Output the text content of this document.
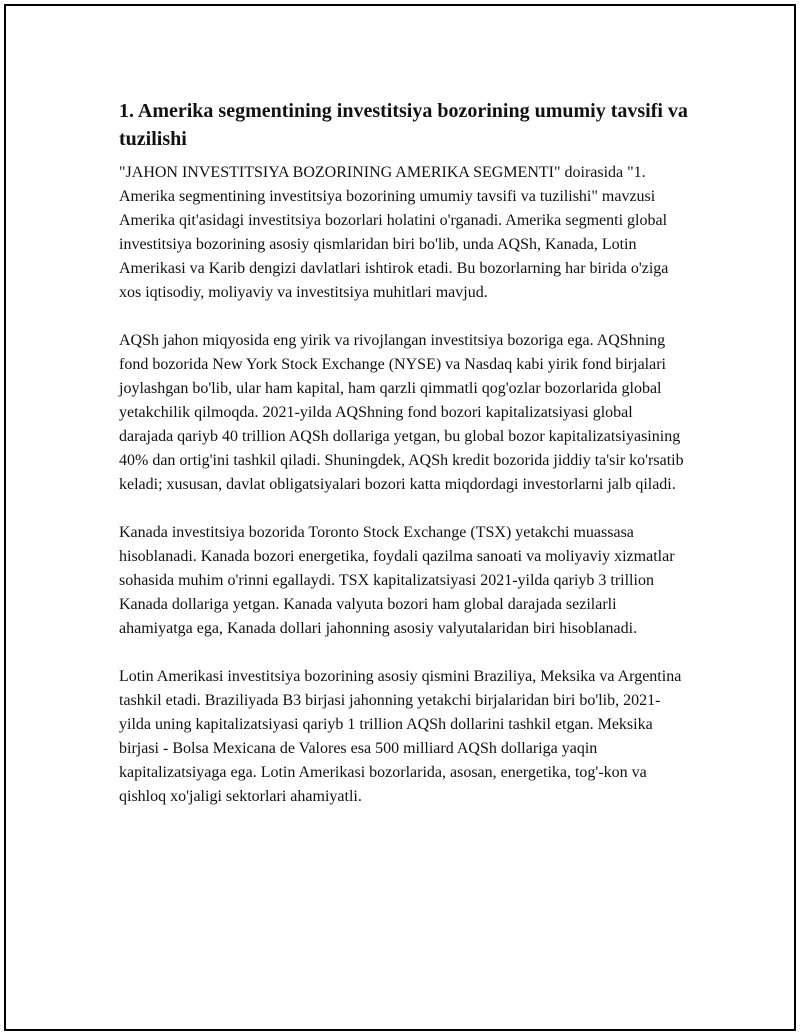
1. Amerika segmentining investitsiya bozorining umumiy tavsifi va tuzilishi

"JAHON INVESTITSIYA BOZORINING AMERIKA SEGMENTI" doirasida "1. Amerika segmentining investitsiya bozorining umumiy tavsifi va tuzilishi" mavzusi Amerika qit'asidagi investitsiya bozorlari holatini o'rganadi. Amerika segmenti global investitsiya bozorining asosiy qismlaridan biri bo'lib, unda AQSh, Kanada, Lotin Amerikasi va Karib dengizi davlatlari ishtirok etadi. Bu bozorlarning har birida o'ziga xos iqtisodiy, moliyaviy va investitsiya muhitlari mavjud.

AQSh jahon miqyosida eng yirik va rivojlangan investitsiya bozoriga ega. AQShning fond bozorida New York Stock Exchange (NYSE) va Nasdaq kabi yirik fond birjalari joylashgan bo'lib, ular ham kapital, ham qarzli qimmatli qog'ozlar bozorlarida global yetakchilik qilmoqda. 2021-yilda AQShning fond bozori kapitalizatsiyasi global darajada qariyb 40 trillion AQSh dollariga yetgan, bu global bozor kapitalizatsiyasining 40% dan ortig'ini tashkil qiladi. Shuningdek, AQSh kredit bozorida jiddiy ta'sir ko'rsatib keladi; xususan, davlat obligatsiyalari bozori katta miqdordagi investorlarni jalb qiladi.

Kanada investitsiya bozorida Toronto Stock Exchange (TSX) yetakchi muassasa hisoblanadi. Kanada bozori energetika, foydali qazilma sanoati va moliyaviy xizmatlar sohasida muhim o'rinni egallaydi. TSX kapitalizatsiyasi 2021-yilda qariyb 3 trillion Kanada dollariga yetgan. Kanada valyuta bozori ham global darajada sezilarli ahamiyatga ega, Kanada dollari jahonning asosiy valyutalaridan biri hisoblanadi.

Lotin Amerikasi investitsiya bozorining asosiy qismini Braziliya, Meksika va Argentina tashkil etadi. Braziliyada B3 birjasi jahonning yetakchi birjalaridan biri bo'lib, 2021-yilda uning kapitalizatsiyasi qariyb 1 trillion AQSh dollarini tashkil etgan. Meksika birjasi - Bolsa Mexicana de Valores esa 500 milliard AQSh dollariga yaqin kapitalizatsiyaga ega. Lotin Amerikasi bozorlarida, asosan, energetika, tog'-kon va qishloq xo'jaligi sektorlari ahamiyatli.
